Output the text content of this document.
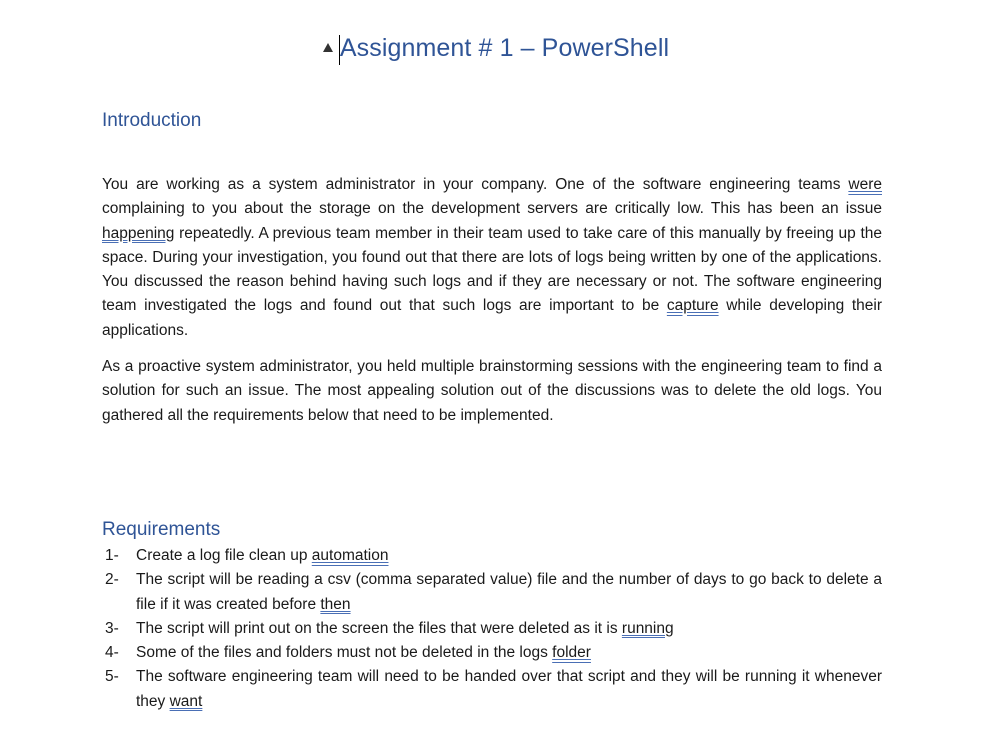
Assignment # 1 – PowerShell
Introduction

You are working as a system administrator in your company. One of the software engineering teams were complaining to you about the storage on the development servers are critically low. This has been an issue happening repeatedly. A previous team member in their team used to take care of this manually by freeing up the space. During your investigation, you found out that there are lots of logs being written by one of the applications. You discussed the reason behind having such logs and if they are necessary or not. The software engineering team investigated the logs and found out that such logs are important to be capture while developing their applications.

As a proactive system administrator, you held multiple brainstorming sessions with the engineering team to find a solution for such an issue. The most appealing solution out of the discussions was to delete the old logs. You gathered all the requirements below that need to be implemented.

Requirements
1-	Create a log file clean up automation
2-	The script will be reading a csv (comma separated value) file and the number of days to go back to delete a file if it was created before then
3-	The script will print out on the screen the files that were deleted as it is running
4-	Some of the files and folders must not be deleted in the logs folder
5-	The software engineering team will need to be handed over that script and they will be running it whenever they want
